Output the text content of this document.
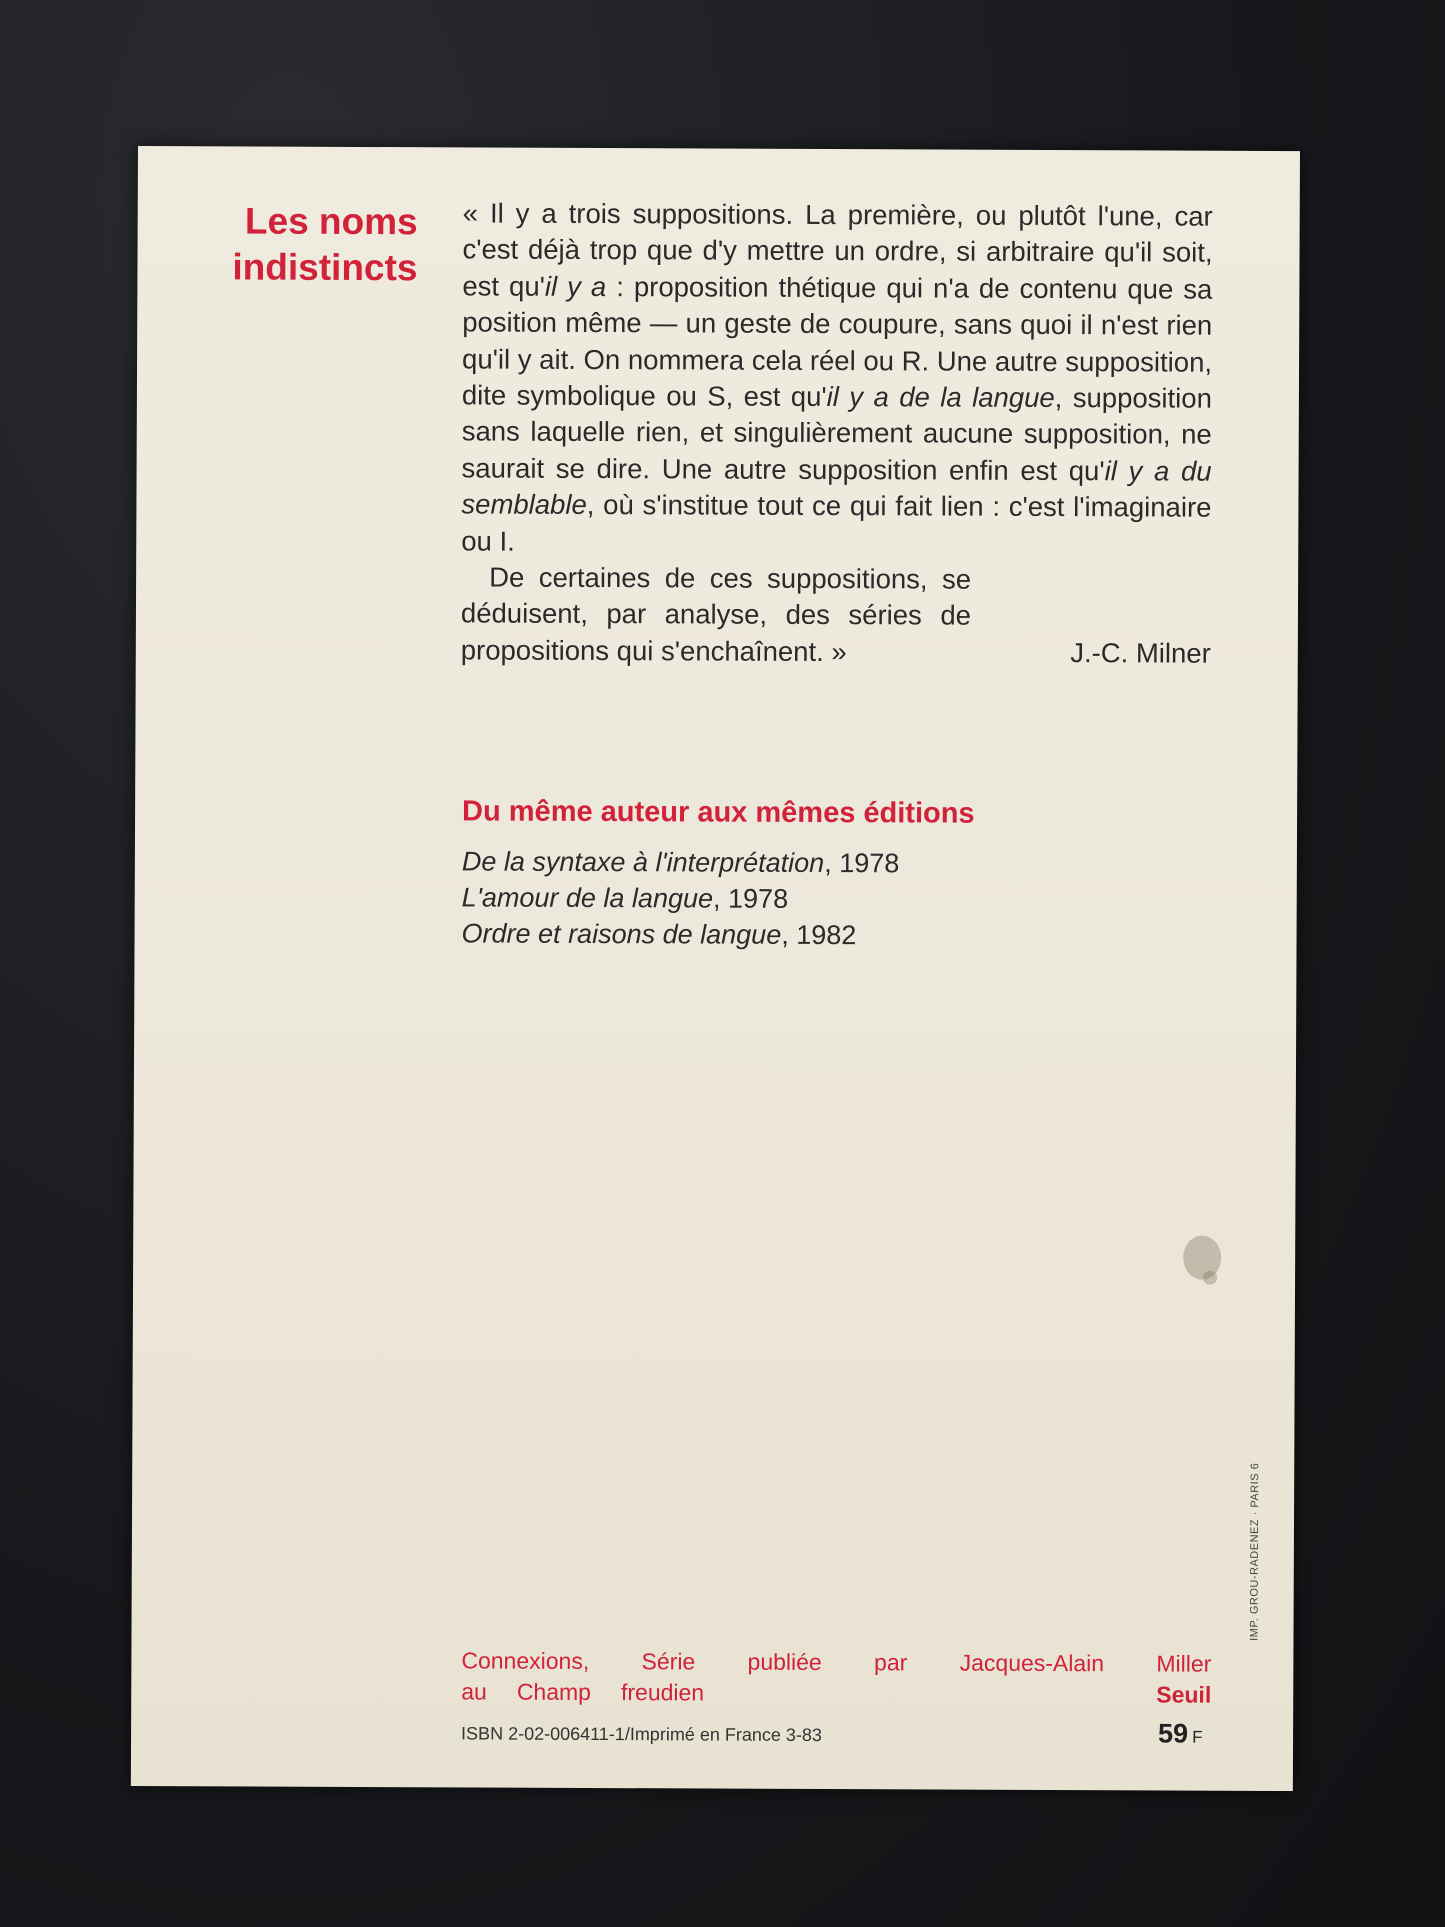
Les noms
indistincts

« Il y a trois suppositions. La première, ou plutôt l'une, car c'est déjà trop que d'y mettre un ordre, si arbitraire qu'il soit, est qu'il y a : proposition thétique qui n'a de contenu que sa position même — un geste de coupure, sans quoi il n'est rien qu'il y ait. On nommera cela réel ou R. Une autre supposition, dite symbolique ou S, est qu'il y a de la langue, supposition sans laquelle rien, et singulièrement aucune supposition, ne saurait se dire. Une autre supposition enfin est qu'il y a du semblable, où s'institue tout ce qui fait lien : c'est l'imaginaire ou I.

De certaines de ces suppositions, se déduisent, par analyse, des séries de propositions qui s'enchaînent. »	J.-C. Milner
Du même auteur aux mêmes éditions
De la syntaxe à l'interprétation, 1978
L'amour de la langue, 1978
Ordre et raisons de langue, 1982
IMP. GROU-RADENEZ · PARIS 6
Connexions, Série publiée par Jacques-Alain Miller
au Champ freudien	Seuil
ISBN 2-02-006411-1/Imprimé en France 3-83	59 F
